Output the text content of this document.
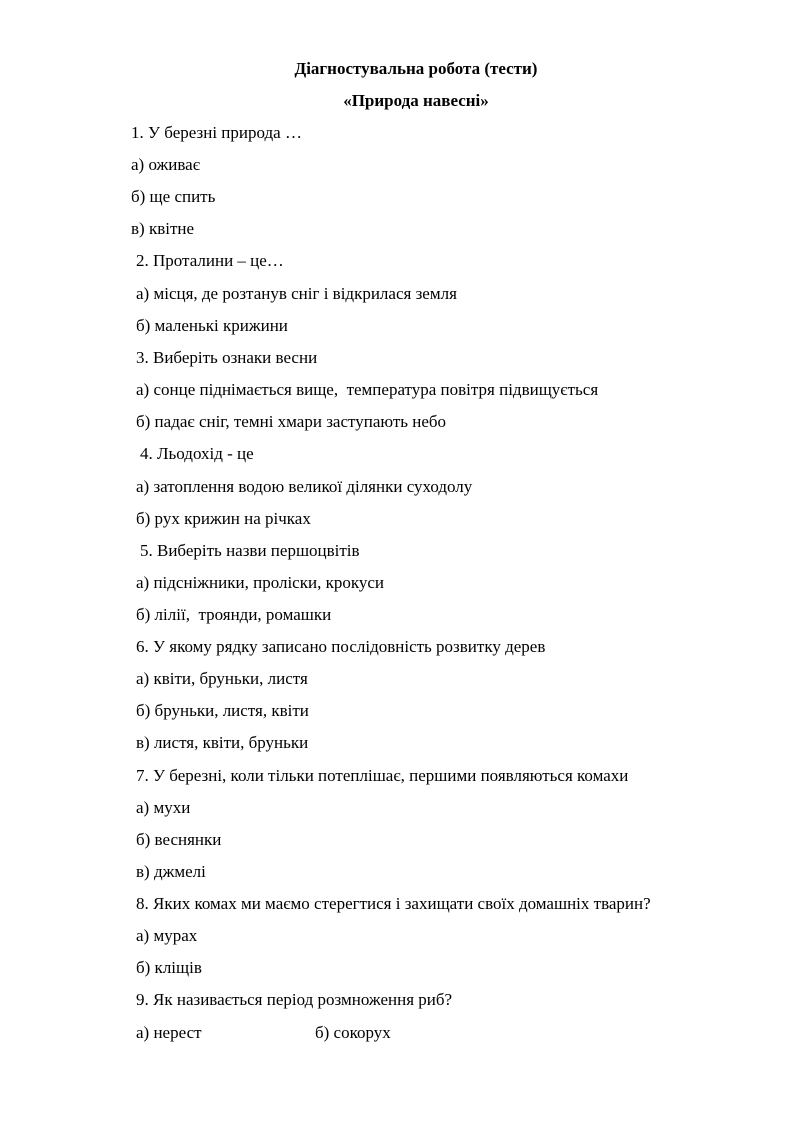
Діагностувальна робота (тести)
«Природа навесні»
1. У березні природа …
а) оживає
б) ще спить
в) квітне
2. Проталини – це…
а) місця, де розтанув сніг і відкрилася земля
б) маленькі крижини
3. Виберіть ознаки весни
а) сонце піднімається вище,  температура повітря підвищується
б) падає сніг, темні хмари заступають небо
4. Льодохід - це
а) затоплення водою великої ділянки суходолу
б) рух крижин на річках
5. Виберіть назви першоцвітів
а) підсніжники, проліски, крокуси
б) лілії,  троянди, ромашки
6. У якому рядку записано послідовність розвитку дерев
а) квіти, бруньки, листя
б) бруньки, листя, квіти
в) листя, квіти, бруньки
7. У березні, коли тільки потеплішає, першими появляються комахи
а) мухи
б) веснянки
в) джмелі
8. Яких комах ми маємо стерегтися і захищати своїх домашніх тварин?
а) мурах
б) кліщів
9. Як називається період розмноження риб?
а) нерест	б) сокорух
